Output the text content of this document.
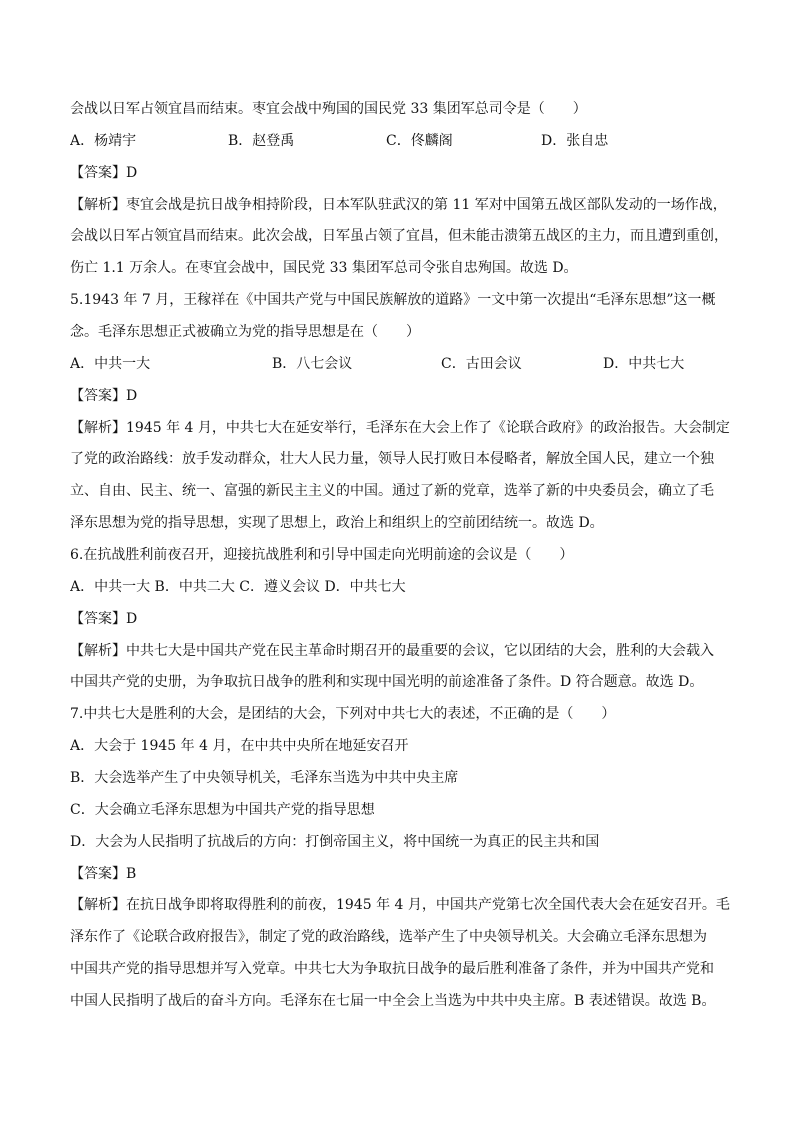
会战以日军占领宜昌而结束。枣宜会战中殉国的国民党 33 集团军总司令是（　　）
A．杨靖宇	B．赵登禹	C．佟麟阁	D．张自忠
【答案】D
【解析】枣宜会战是抗日战争相持阶段，日本军队驻武汉的第 11 军对中国第五战区部队发动的一场作战，
会战以日军占领宜昌而结束。此次会战，日军虽占领了宜昌，但未能击溃第五战区的主力，而且遭到重创，
伤亡 1.1 万余人。在枣宜会战中，国民党 33 集团军总司令张自忠殉国。故选 D。
5.1943 年 7 月，王稼祥在《中国共产党与中国民族解放的道路》一文中第一次提出“毛泽东思想”这一概
念。毛泽东思想正式被确立为党的指导思想是在（　　）
A．中共一大	B．八七会议	C．古田会议	D．中共七大
【答案】D
【解析】1945 年 4 月，中共七大在延安举行，毛泽东在大会上作了《论联合政府》的政治报告。大会制定
了党的政治路线：放手发动群众，壮大人民力量，领导人民打败日本侵略者，解放全国人民，建立一个独
立、自由、民主、统一、富强的新民主主义的中国。通过了新的党章，选举了新的中央委员会，确立了毛
泽东思想为党的指导思想，实现了思想上，政治上和组织上的空前团结统一。故选 D。
6.在抗战胜利前夜召开，迎接抗战胜利和引导中国走向光明前途的会议是（　　）
A．中共一大 B．中共二大 C．遵义会议 D．中共七大
【答案】D
【解析】中共七大是中国共产党在民主革命时期召开的最重要的会议，它以团结的大会，胜利的大会载入
中国共产党的史册，为争取抗日战争的胜利和实现中国光明的前途准备了条件。D 符合题意。故选 D。
7.中共七大是胜利的大会，是团结的大会，下列对中共七大的表述，不正确的是（　　）
A．大会于 1945 年 4 月，在中共中央所在地延安召开
B．大会选举产生了中央领导机关，毛泽东当选为中共中央主席
C．大会确立毛泽东思想为中国共产党的指导思想
D．大会为人民指明了抗战后的方向：打倒帝国主义，将中国统一为真正的民主共和国
【答案】B
【解析】在抗日战争即将取得胜利的前夜，1945 年 4 月，中国共产党第七次全国代表大会在延安召开。毛
泽东作了《论联合政府报告》，制定了党的政治路线，选举产生了中央领导机关。大会确立毛泽东思想为
中国共产党的指导思想并写入党章。中共七大为争取抗日战争的最后胜利准备了条件，并为中国共产党和
中国人民指明了战后的奋斗方向。毛泽东在七届一中全会上当选为中共中央主席。B 表述错误。故选 B。
